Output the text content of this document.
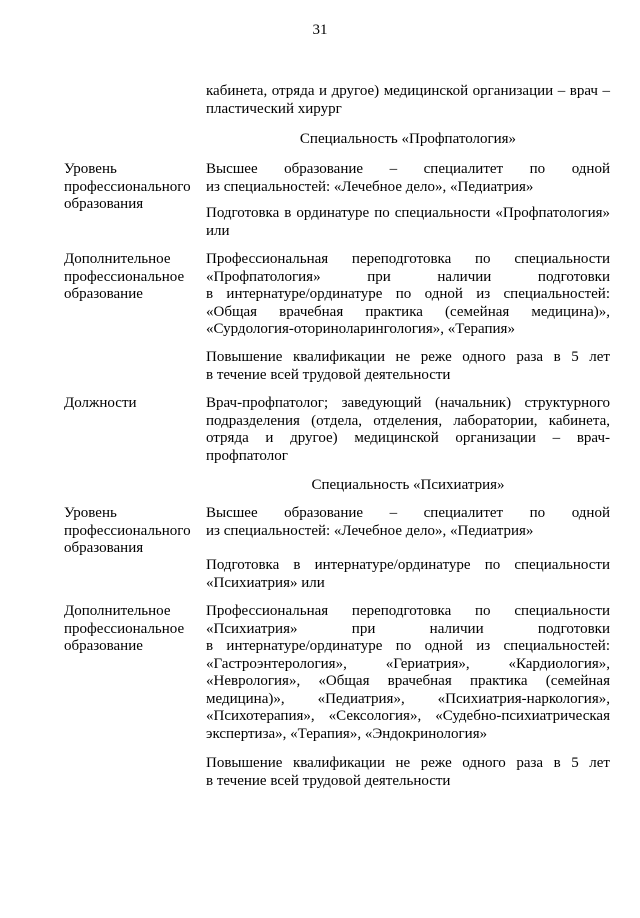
31
кабинета, отряда и другое) медицинской организации – врач – пластический хирург
Специальность «Профпатология»
Уровень профессионального образования
Высшее образование – специалитет по одной
из специальностей: «Лечебное дело», «Педиатрия»
Подготовка в ординатуре по специальности «Профпатология»
или
Дополнительное профессиональное образование
Профессиональная переподготовка по специальности
«Профпатология» при наличии подготовки
в интернатуре/ординатуре по одной из специальностей:
«Общая врачебная практика (семейная медицина)»,
«Сурдология-оториноларингология», «Терапия»
Повышение квалификации не реже одного раза в 5 лет
в течение всей трудовой деятельности
Должности	Врач-профпатолог; заведующий (начальник) структурного
подразделения (отдела, отделения, лаборатории, кабинета,
отряда и другое) медицинской организации – врач-
профпатолог
Специальность «Психиатрия»
Уровень профессионального образования
Высшее образование – специалитет по одной
из специальностей: «Лечебное дело», «Педиатрия»
Подготовка в интернатуре/ординатуре по специальности
«Психиатрия» или
Дополнительное профессиональное образование
Профессиональная переподготовка по специальности
«Психиатрия» при наличии подготовки
в интернатуре/ординатуре по одной из специальностей:
«Гастроэнтерология», «Гериатрия», «Кардиология»,
«Неврология», «Общая врачебная практика (семейная
медицина)», «Педиатрия», «Психиатрия-наркология»,
«Психотерапия», «Сексология», «Судебно-психиатрическая
экспертиза», «Терапия», «Эндокринология»
Повышение квалификации не реже одного раза в 5 лет
в течение всей трудовой деятельности
